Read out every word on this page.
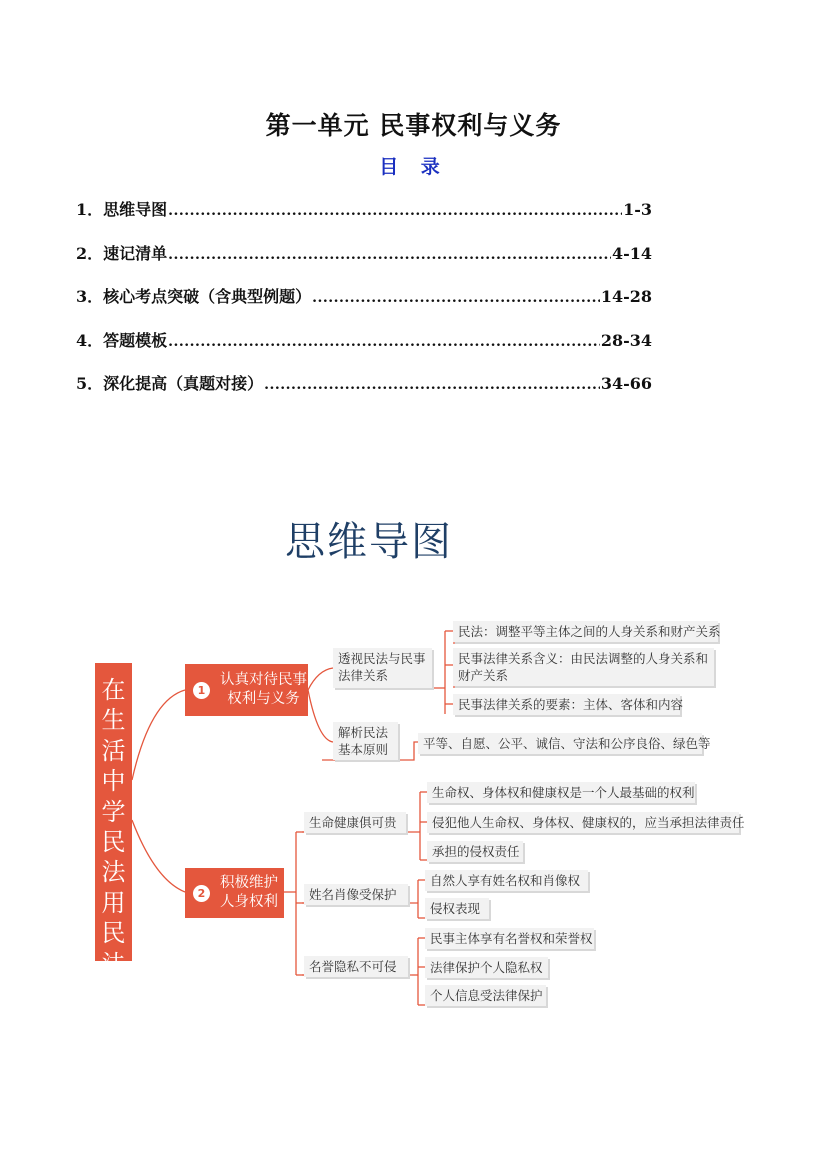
第一单元 民事权利与义务
目 录
1． 思维导图 .....	1-3
2． 速记清单 .....	4-14
3． 核心考点突破（含典型例题） .....	14-28
4． 答题模板 .....	28-34
5． 深化提高（真题对接） .....	34-66
思维导图
在
生
活
中
学
民
法
用
民
法
1
认真对待民事
权利与义务
2
积极维护
人身权利
透视民法与民事法律关系
解析民法基本原则
生命健康俱可贵
姓名肖像受保护
名誉隐私不可侵
民法：调整平等主体之间的人身关系和财产关系
民事法律关系含义：由民法调整的人身关系和财产关系
民事法律关系的要素：主体、客体和内容
平等、自愿、公平、诚信、守法和公序良俗、绿色等
生命权、身体权和健康权是一个人最基础的权利
侵犯他人生命权、身体权、健康权的，应当承担法律责任
承担的侵权责任
自然人享有姓名权和肖像权
侵权表现
民事主体享有名誉权和荣誉权
法律保护个人隐私权
个人信息受法律保护
